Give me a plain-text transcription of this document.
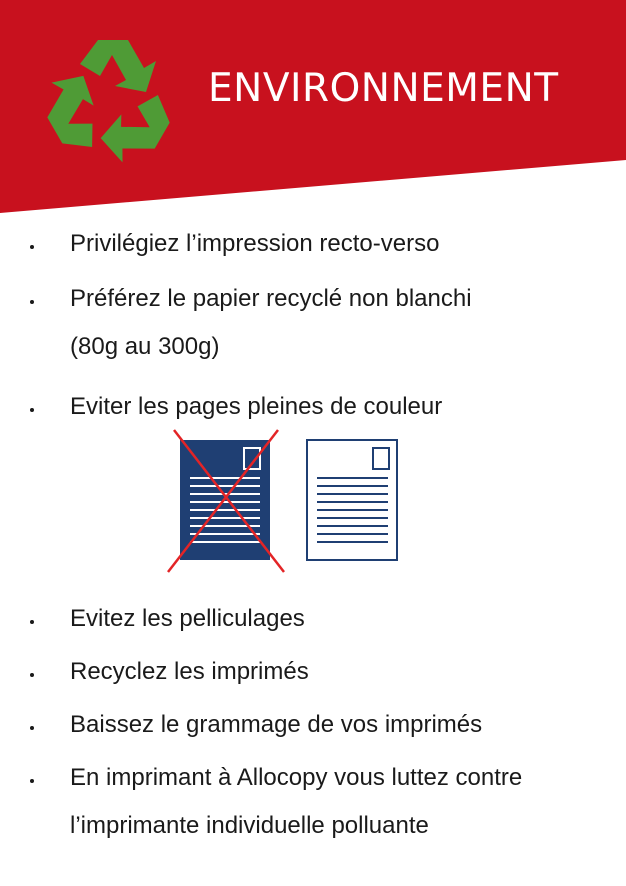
ENVIRONNEMENT
Privilégiez l’impression recto-verso
Préférez le papier recyclé non blanchi
(80g au 300g)
Eviter les pages pleines de couleur
Evitez les pelliculages
Recyclez les imprimés
Baissez le grammage de vos imprimés
En imprimant à Allocopy vous luttez contre
l’imprimante individuelle polluante
